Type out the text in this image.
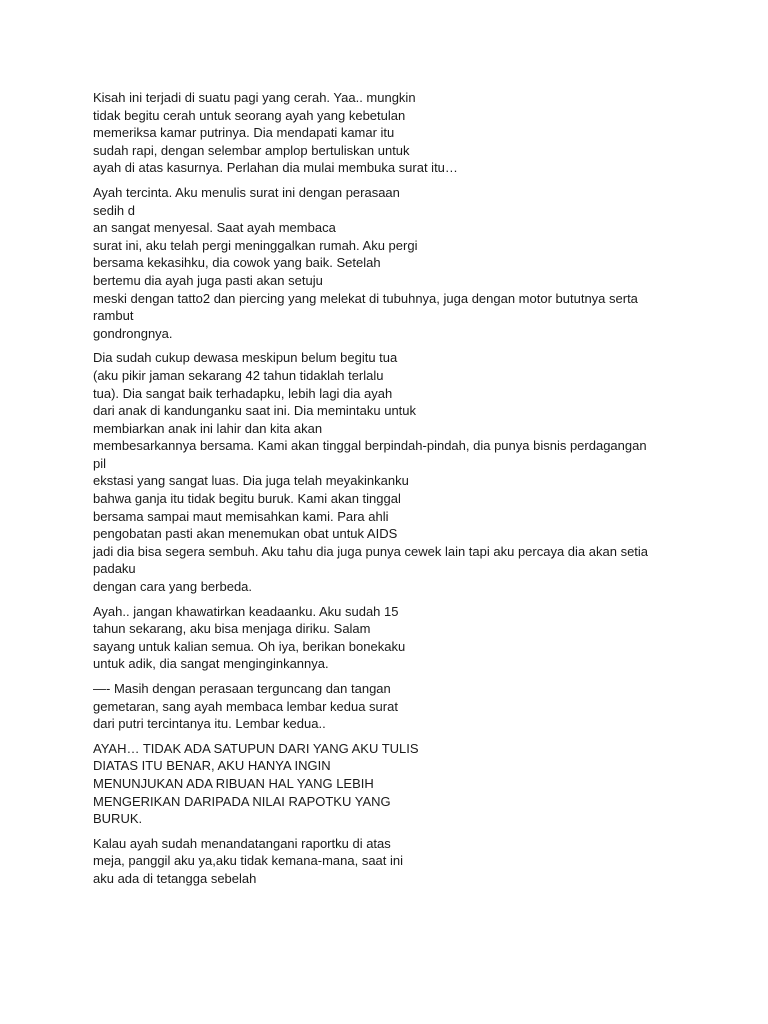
Kisah ini terjadi di suatu pagi yang cerah. Yaa.. mungkin
tidak begitu cerah untuk seorang ayah yang kebetulan
memeriksa kamar putrinya. Dia mendapati kamar itu
sudah rapi, dengan selembar amplop bertuliskan untuk
ayah di atas kasurnya. Perlahan dia mulai membuka surat itu…
Ayah tercinta. Aku menulis surat ini dengan perasaan
sedih d
an sangat menyesal. Saat ayah membaca
surat ini, aku telah pergi meninggalkan rumah. Aku pergi
bersama kekasihku, dia cowok yang baik. Setelah
bertemu dia ayah juga pasti akan setuju
meski dengan tatto2 dan piercing yang melekat di tubuhnya, juga dengan motor bututnya serta
rambut
gondrongnya.
Dia sudah cukup dewasa meskipun belum begitu tua
(aku pikir jaman sekarang 42 tahun tidaklah terlalu
tua). Dia sangat baik terhadapku, lebih lagi dia ayah
dari anak di kandunganku saat ini. Dia memintaku untuk
membiarkan anak ini lahir dan kita akan
membesarkannya bersama. Kami akan tinggal berpindah-pindah, dia punya bisnis perdagangan
pil
ekstasi yang sangat luas. Dia juga telah meyakinkanku
bahwa ganja itu tidak begitu buruk. Kami akan tinggal
bersama sampai maut memisahkan kami. Para ahli
pengobatan pasti akan menemukan obat untuk AIDS
jadi dia bisa segera sembuh. Aku tahu dia juga punya cewek lain tapi aku percaya dia akan setia
padaku
dengan cara yang berbeda.
Ayah.. jangan khawatirkan keadaanku. Aku sudah 15
tahun sekarang, aku bisa menjaga diriku. Salam
sayang untuk kalian semua. Oh iya, berikan bonekaku
untuk adik, dia sangat menginginkannya.
—- Masih dengan perasaan terguncang dan tangan
gemetaran, sang ayah membaca lembar kedua surat
dari putri tercintanya itu. Lembar kedua..
AYAH… TIDAK ADA SATUPUN DARI YANG AKU TULIS
DIATAS ITU BENAR, AKU HANYA INGIN
MENUNJUKAN ADA RIBUAN HAL YANG LEBIH
MENGERIKAN DARIPADA NILAI RAPOTKU YANG
BURUK.
Kalau ayah sudah menandatangani raportku di atas
meja, panggil aku ya,aku tidak kemana-mana, saat ini
aku ada di tetangga sebelah
